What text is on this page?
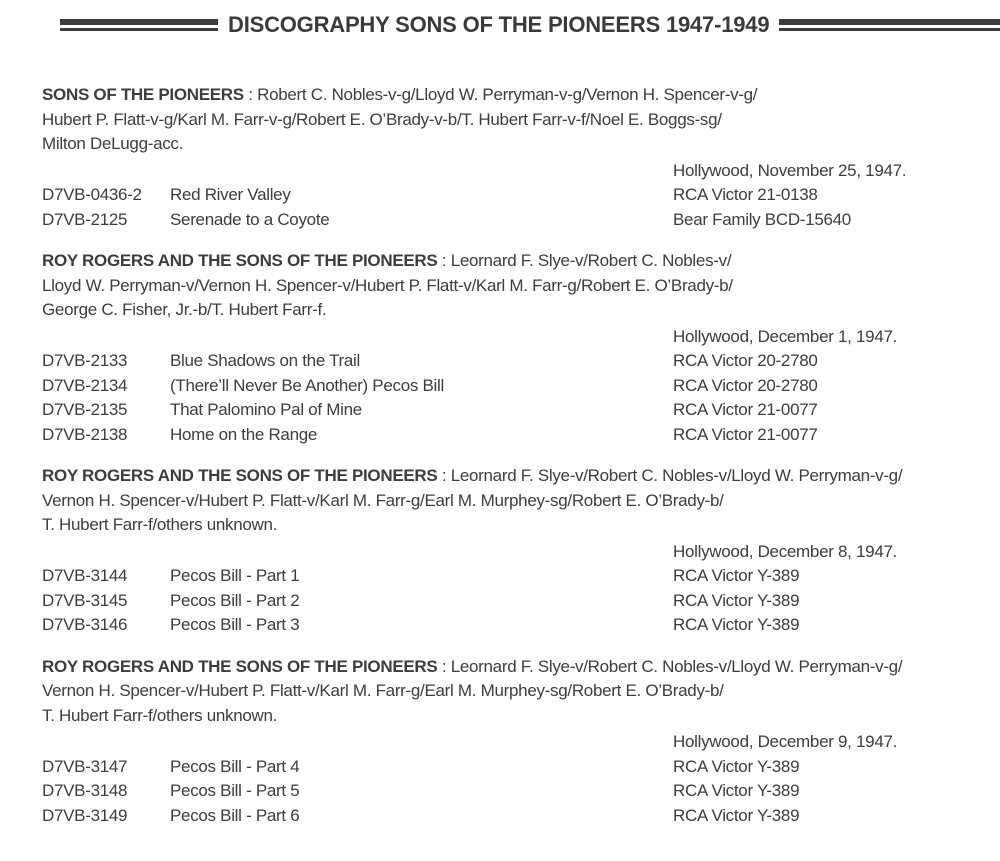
DISCOGRAPHY SONS OF THE PIONEERS 1947-1949

SONS OF THE PIONEERS : Robert C. Nobles-v-g/Lloyd W. Perryman-v-g/Vernon H. Spencer-v-g/

Hubert P. Flatt-v-g/Karl M. Farr-v-g/Robert E. O’Brady-v-b/T. Hubert Farr-v-f/Noel E. Boggs-sg/

Milton DeLugg-acc.

Hollywood, November 25, 1947.

D7VB-0436-2	Red River Valley	RCA Victor 21-0138
D7VB-2125	Serenade to a Coyote	Bear Family BCD-15640

ROY ROGERS AND THE SONS OF THE PIONEERS : Leornard F. Slye-v/Robert C. Nobles-v/

Lloyd W. Perryman-v/Vernon H. Spencer-v/Hubert P. Flatt-v/Karl M. Farr-g/Robert E. O’Brady-b/

George C. Fisher, Jr.-b/T. Hubert Farr-f.

Hollywood, December 1, 1947.

D7VB-2133	Blue Shadows on the Trail	RCA Victor 20-2780
D7VB-2134	(There’ll Never Be Another) Pecos Bill	RCA Victor 20-2780
D7VB-2135	That Palomino Pal of Mine	RCA Victor 21-0077
D7VB-2138	Home on the Range	RCA Victor 21-0077

ROY ROGERS AND THE SONS OF THE PIONEERS : Leornard F. Slye-v/Robert C. Nobles-v/Lloyd W. Perryman-v-g/

Vernon H. Spencer-v/Hubert P. Flatt-v/Karl M. Farr-g/Earl M. Murphey-sg/Robert E. O’Brady-b/

T. Hubert Farr-f/others unknown.

Hollywood, December 8, 1947.

D7VB-3144	Pecos Bill - Part 1	RCA Victor Y-389
D7VB-3145	Pecos Bill - Part 2	RCA Victor Y-389
D7VB-3146	Pecos Bill - Part 3	RCA Victor Y-389

ROY ROGERS AND THE SONS OF THE PIONEERS : Leornard F. Slye-v/Robert C. Nobles-v/Lloyd W. Perryman-v-g/

Vernon H. Spencer-v/Hubert P. Flatt-v/Karl M. Farr-g/Earl M. Murphey-sg/Robert E. O’Brady-b/

T. Hubert Farr-f/others unknown.

Hollywood, December 9, 1947.

D7VB-3147	Pecos Bill - Part 4	RCA Victor Y-389
D7VB-3148	Pecos Bill - Part 5	RCA Victor Y-389
D7VB-3149	Pecos Bill - Part 6	RCA Victor Y-389
